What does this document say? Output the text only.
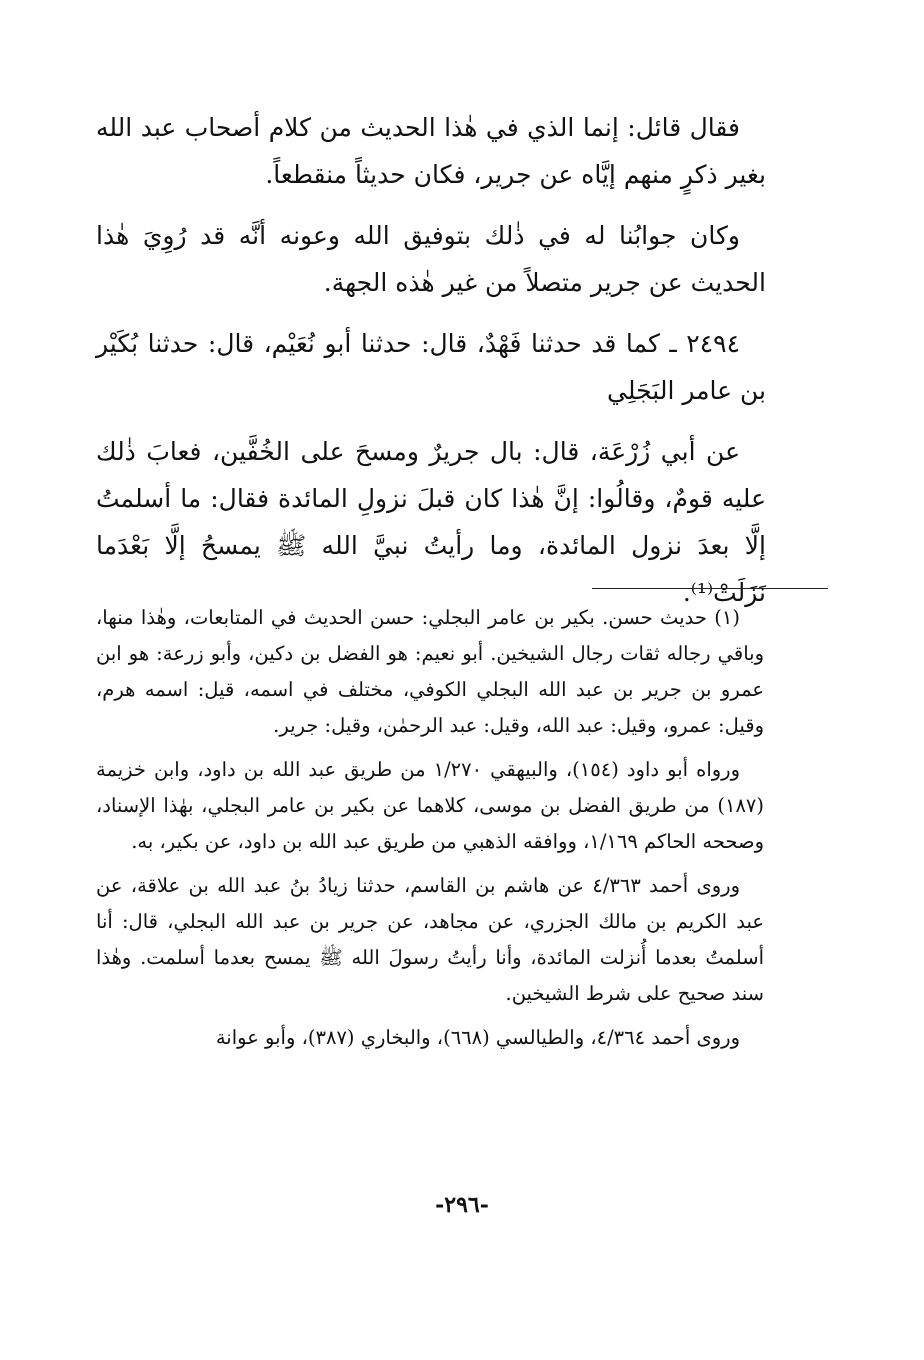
فقال قائل: إنما الذي في هٰذا الحديث من كلام أصحاب عبد الله بغير ذكرٍ منهم إيَّاه عن جرير، فكان حديثاً منقطعاً.

وكان جوابُنا له في ذٰلك بتوفيق الله وعونه أنَّه قد رُوِيَ هٰذا الحديث عن جرير متصلاً من غير هٰذه الجهة.

٢٤٩٤ ـ كما قد حدثنا فَهْدٌ، قال: حدثنا أبو نُعَيْم، قال: حدثنا بُكَيْر بن عامر البَجَلِي

عن أبي زُرْعَة، قال: بال جريرٌ ومسحَ على الخُفَّين، فعابَ ذٰلك عليه قومٌ، وقالُوا: إنَّ هٰذا كان قبلَ نزولِ المائدة فقال: ما أسلمتُ إلَّا بعدَ نزول المائدة، وما رأيتُ نبيَّ الله ﷺ يمسحُ إلَّا بَعْدَما نَزَلَتْ⁽¹⁾.

(١) حديث حسن. بكير بن عامر البجلي: حسن الحديث في المتابعات، وهٰذا منها، وباقي رجاله ثقات رجال الشيخين. أبو نعيم: هو الفضل بن دكين، وأبو زرعة: هو ابن عمرو بن جرير بن عبد الله البجلي الكوفي، مختلف في اسمه، قيل: اسمه هرم، وقيل: عمرو، وقيل: عبد الله، وقيل: عبد الرحمٰن، وقيل: جرير.

ورواه أبو داود (١٥٤)، والبيهقي ١/٢٧٠ من طريق عبد الله بن داود، وابن خزيمة (١٨٧) من طريق الفضل بن موسى، كلاهما عن بكير بن عامر البجلي، بهٰذا الإسناد، وصححه الحاكم ١/١٦٩، ووافقه الذهبي من طريق عبد الله بن داود، عن بكير، به.

وروى أحمد ٤/٣٦٣ عن هاشم بن القاسم، حدثنا زيادُ بنُ عبد الله بن علاقة، عن عبد الكريم بن مالك الجزري، عن مجاهد، عن جرير بن عبد الله البجلي، قال: أنا أسلمتُ بعدما أُنزلت المائدة، وأنا رأيتُ رسولَ الله ﷺ يمسح بعدما أسلمت. وهٰذا سند صحيح على شرط الشيخين.

وروى أحمد ٤/٣٦٤، والطيالسي (٦٦٨)، والبخاري (٣٨٧)، وأبو عوانة

-٢٩٦-
